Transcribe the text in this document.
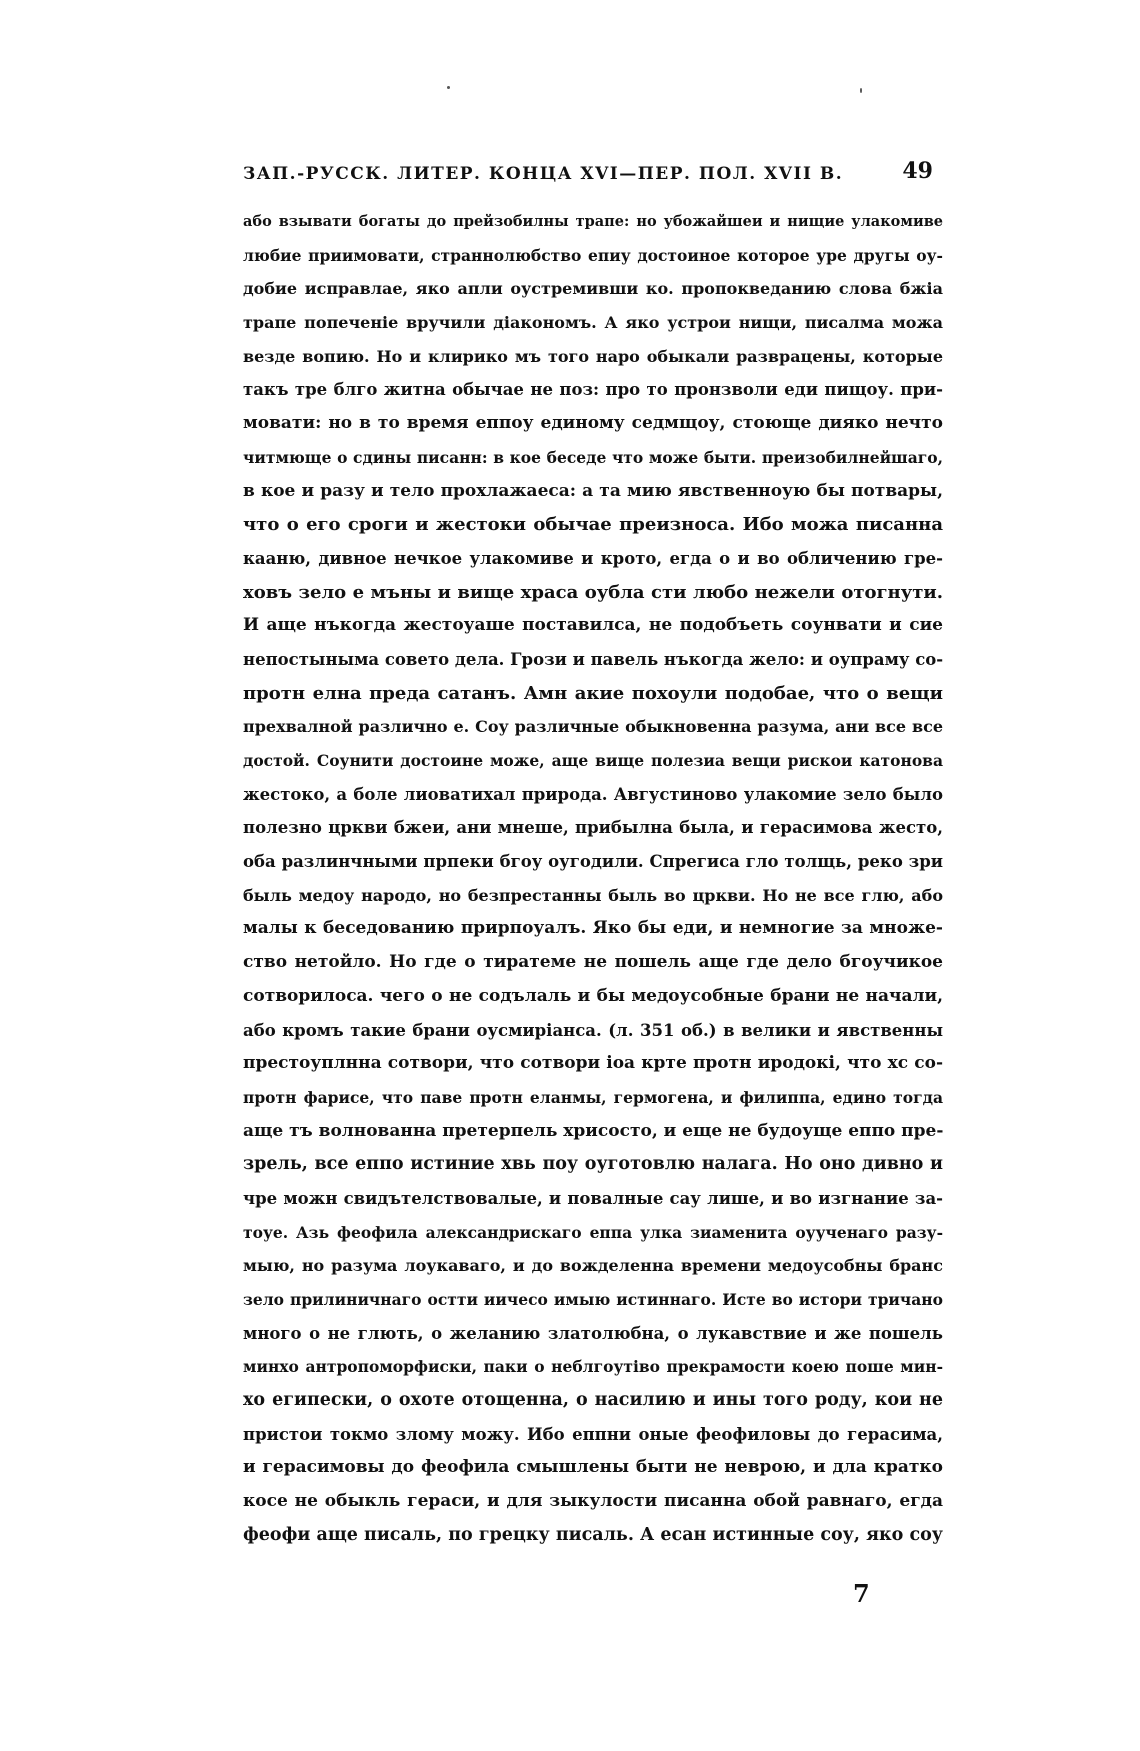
ЗАП.-РУССК. ЛИТЕР. КОНЦА XVI—ПЕР. ПОЛ. XVII В.	49
або взывати богаты до прейзобилны трапе: но убожайшеи и нищие улакомиве
любие приимовати, страннолюбство епиу достоиное которое уре другы оу-
добие исправлае, яко апли оустремивши ко. пропокведанию слова бжіа
трапе попеченіе вручили діакономъ. А яко устрои нищи, писалма можа
везде вопию. Но и клирико мъ того наро обыкали разврацены, которые
такъ тре блго житна обычае не поз: про то пронзволи еди пищоу. при-
мовати: но в то время еппоу единому седмщоу, стоюще дияко нечто
читмюще о сдины писанн: в кое беседе что може быти. преизобилнейшаго,
в кое и разу и тело прохлажаеса: а та мию явственноую бы потвары,
что о его сроги и жестоки обычае преизноса. Ибо можа писанна
кааню, дивное нечкое улакомиве и крото, егда о и во обличению гре-
ховъ зело е мъны и вище храса оубла сти любо нежели отогнути.
И аще нъкогда жестоуаше поставилса, не подобъеть соунвати и сие
непостыныма совето дела. Грози и павель нъкогда жело: и оупраму со-
протн елна преда сатанъ. Амн акие похоули подобае, что о вещи
прехвалной различно е. Соу различные обыкновенна разума, ани все все
достой. Соунити достоине може, аще вище полезиа вещи рискои катонова
жестоко, а боле лиоватихал природа. Августиново улакомие зело было
полезно цркви бжеи, ани мнеше, прибылна была, и герасимова жесто,
оба разлинчными прпеки бгоу оугодили. Спрегиса гло толщь, реко зри
быль медоу народо, но безпрестанны быль во цркви. Но не все глю, або
малы к беседованию прирпоуалъ. Яко бы еди, и немногие за множе-
ство нетойло. Но где о тиратеме не пошель аще где дело бгоучикое
сотворилоса. чего о не содълаль и бы медоусобные брани не начали,
або кромъ такие брани оусмирiанса. (л. 351 об.) в велики и явственны
престоуплнна сотвори, что сотвори ioa крте протн иродокi, что хс со-
протн фарисе, что паве протн еланмы, гермогена, и филиппа, едино тогда
аще тъ волнованна претерпель хрисосто, и еще не будоуще еппо пре-
зрель, все еппо истиние хвь поу оуготовлю налага. Но оно дивно и
чре можн свидътелствовалые, и повалные сау лише, и во изгнание за-
тоуе. Азь феофила александрискаго еппа улка зиаменита оуученаго разу-
мыю, но разума лоукаваго, и до вожделенна времени медоусобны бранс
зело прилиничнаго остти иичесо имыю истиннаго. Исте во истори тричано
много о не глють, о желанию златолюбна, о лукавствие и же пошель
минхо антропоморфиски, паки о неблгоутiво прекрамости коею поше мин-
хо египески, о охоте отощенна, о насилию и ины того роду, кои не
пристои токмо злому можу. Ибо еппни оные феофиловы до герасима,
и герасимовы до феофила смышлены быти не неврою, и дла кратко
косе не обыкль гераси, и для зыкулости писанна обой равнаго, егда
феофи аще писаль, по грецку писаль. А есан истинные соу, яко соу
7
